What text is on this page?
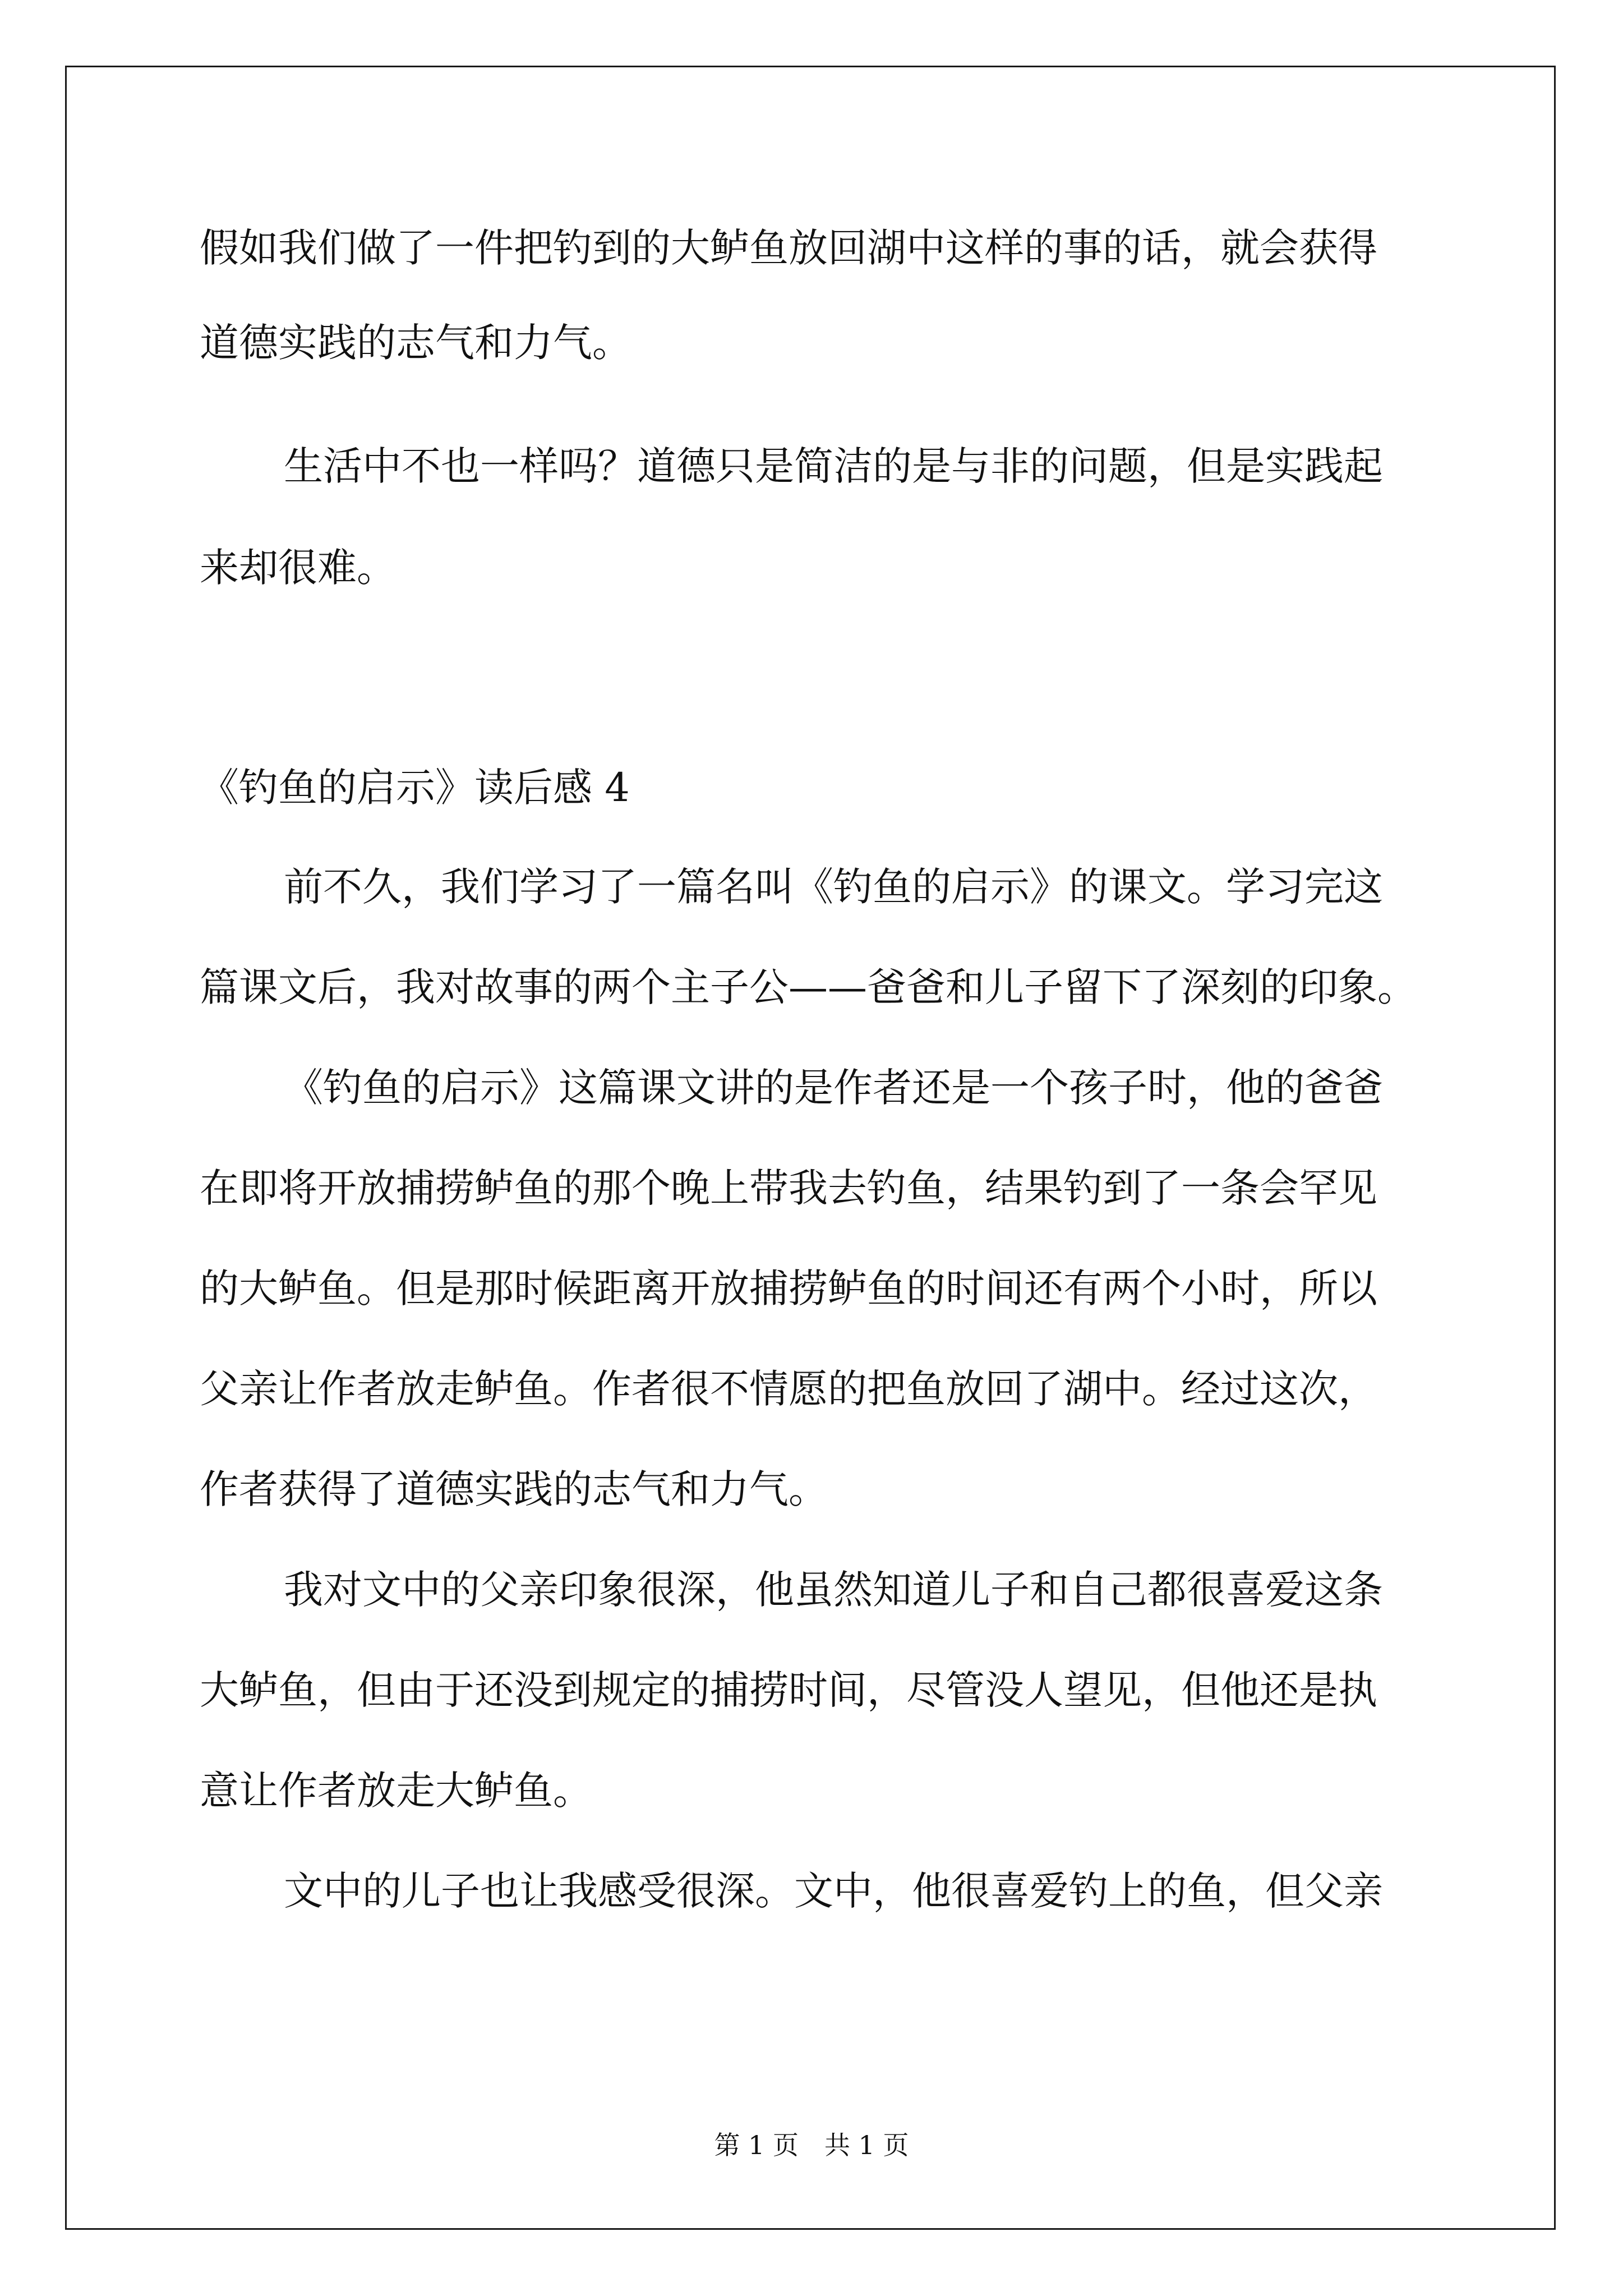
假如我们做了一件把钓到的大鲈鱼放回湖中这样的事的话，就会获得

道德实践的志气和力气。

生活中不也一样吗？道德只是简洁的是与非的问题，但是实践起

来却很难。

《钓鱼的启示》读后感 4

前不久，我们学习了一篇名叫《钓鱼的启示》的课文。学习完这

篇课文后，我对故事的两个主子公——爸爸和儿子留下了深刻的印象。

《钓鱼的启示》这篇课文讲的是作者还是一个孩子时，他的爸爸

在即将开放捕捞鲈鱼的那个晚上带我去钓鱼，结果钓到了一条会罕见

的大鲈鱼。但是那时候距离开放捕捞鲈鱼的时间还有两个小时，所以

父亲让作者放走鲈鱼。作者很不情愿的把鱼放回了湖中。经过这次，

作者获得了道德实践的志气和力气。

我对文中的父亲印象很深，他虽然知道儿子和自己都很喜爱这条

大鲈鱼，但由于还没到规定的捕捞时间，尽管没人望见，但他还是执

意让作者放走大鲈鱼。

文中的儿子也让我感受很深。文中，他很喜爱钓上的鱼，但父亲

第 1 页　共 1 页
